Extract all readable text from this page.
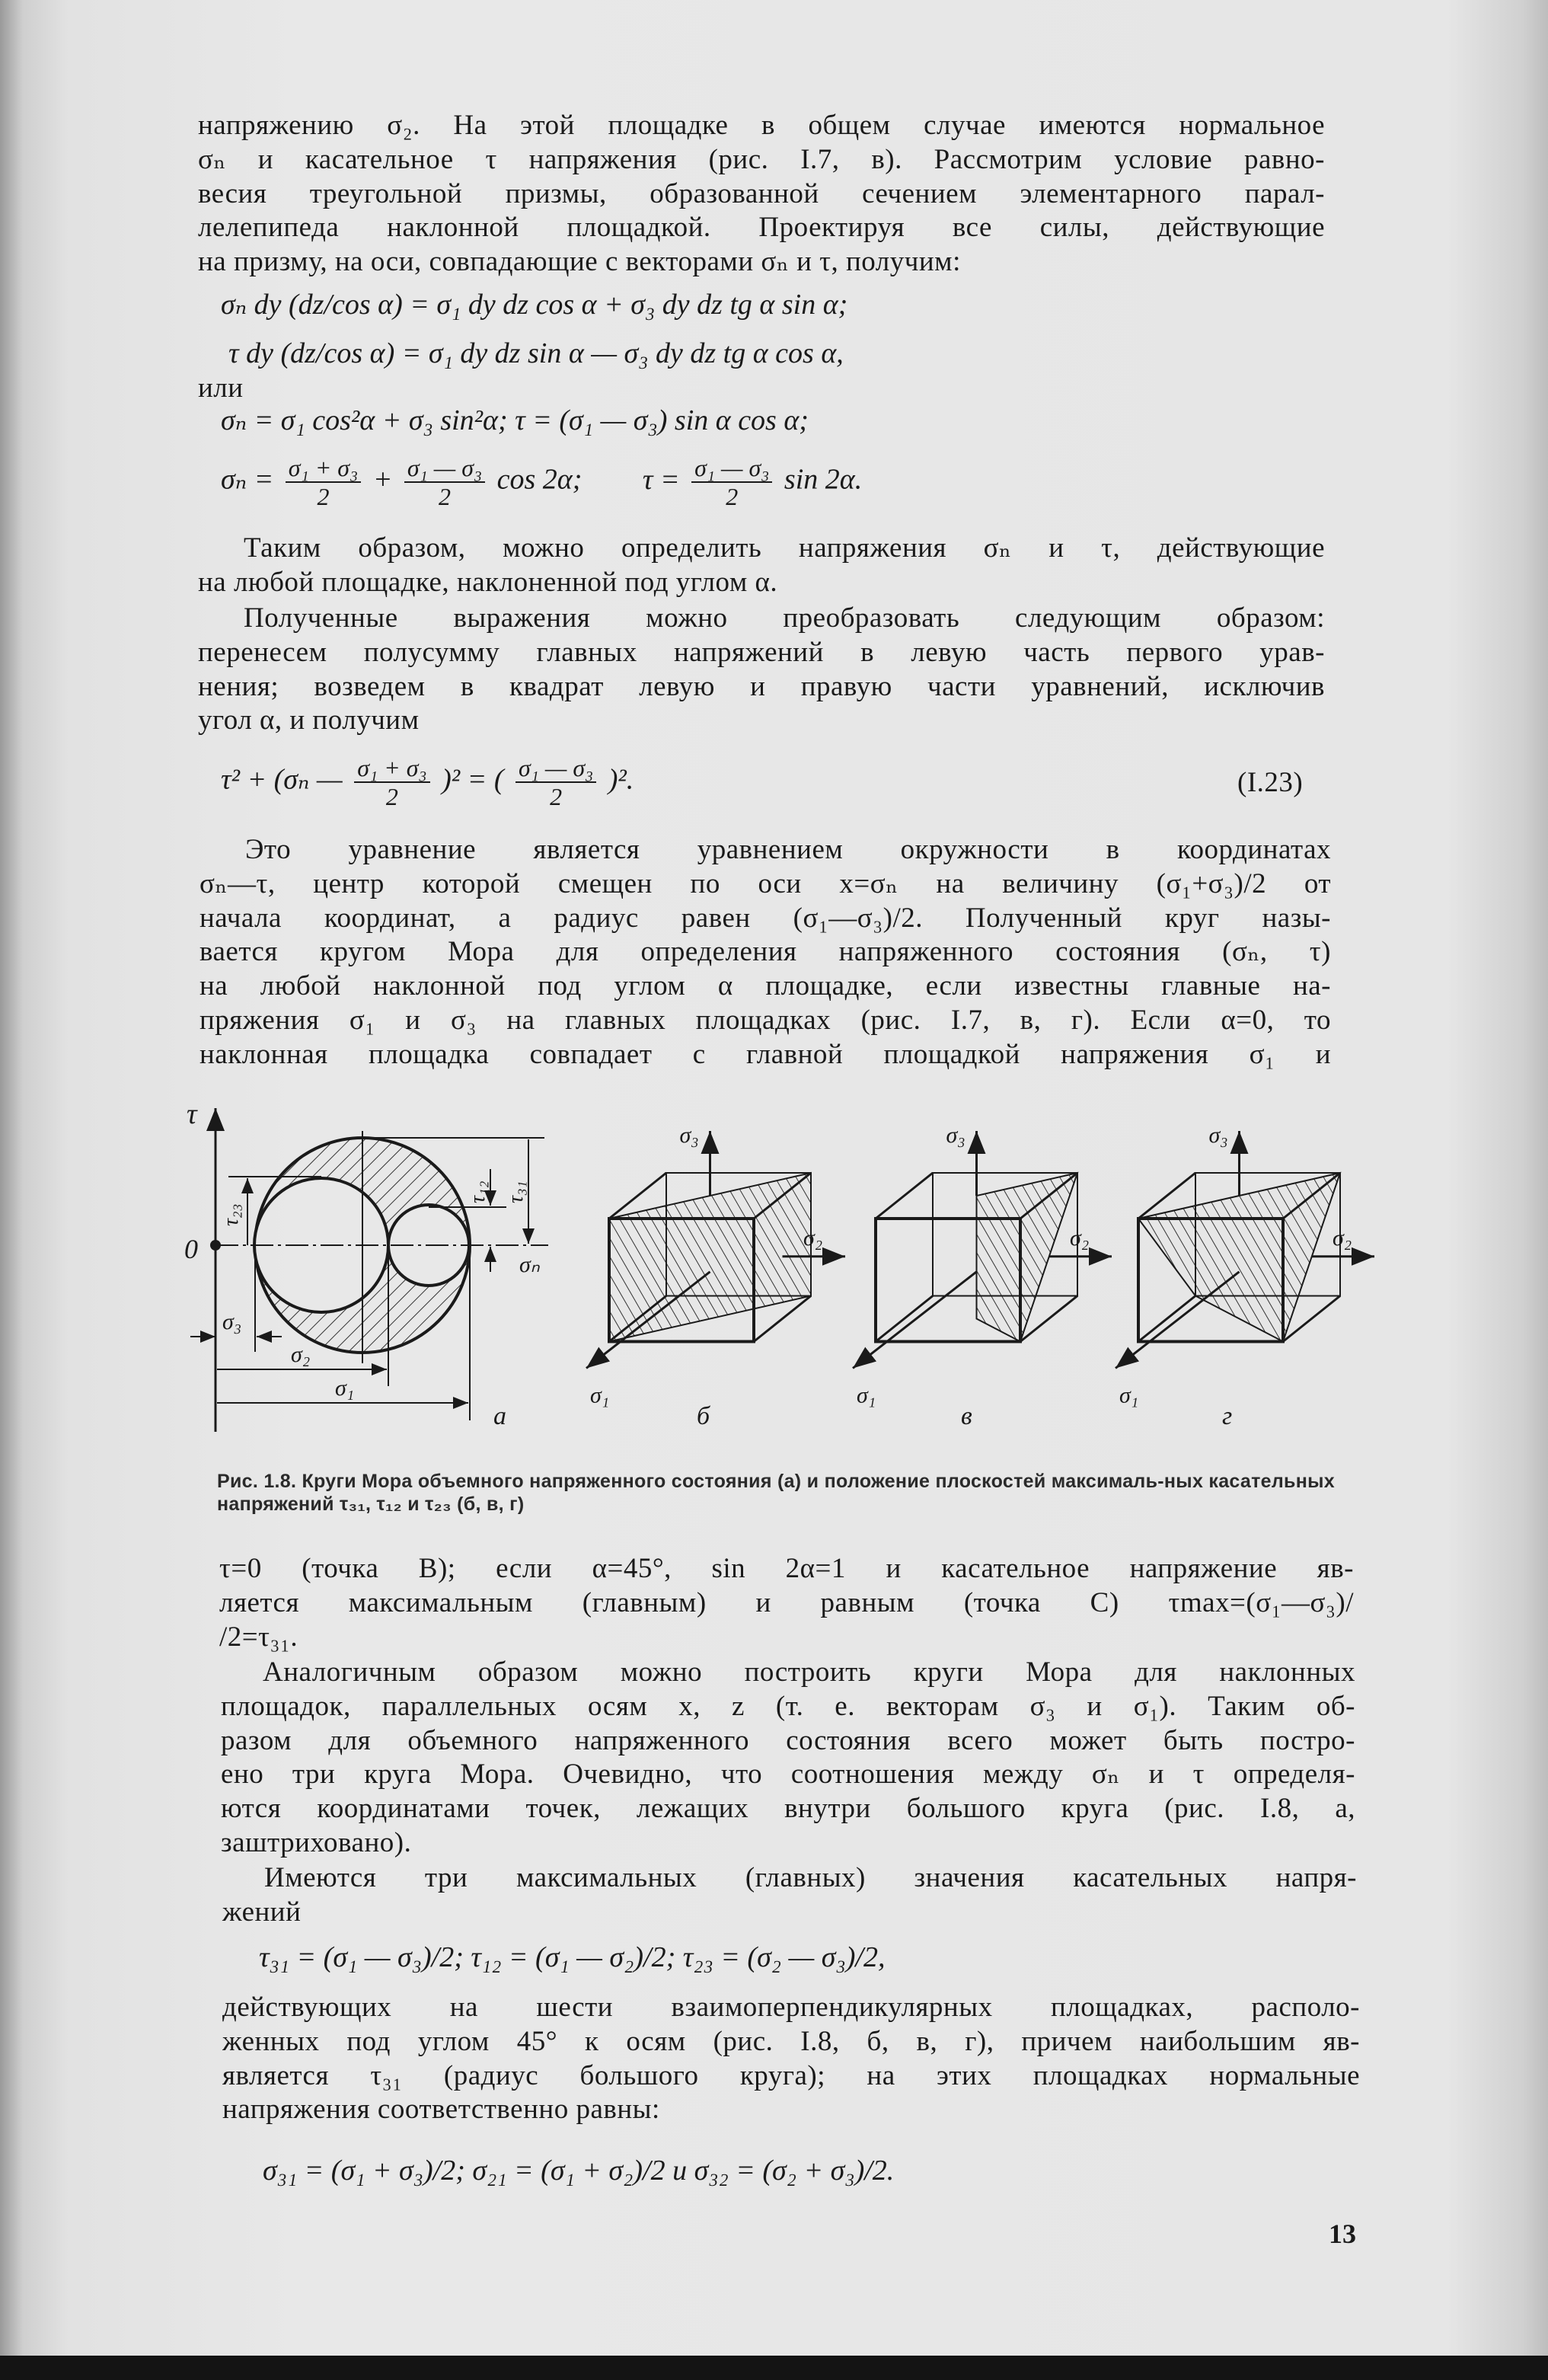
напряжению σ₂. На этой площадке в общем случае имеются нормальное
σₙ и касательное τ напряжения (рис. I.7, в). Рассмотрим условие равно-
весия треугольной призмы, образованной сечением элементарного парал-
лелепипеда наклонной площадкой. Проектируя все силы, действующие
на призму, на оси, совпадающие с векторами σₙ и τ, получим:
Таким образом, можно определить напряжения σₙ и τ, действующие
на любой площадке, наклоненной под углом α.
Полученные выражения можно преобразовать следующим образом:
перенесем полусумму главных напряжений в левую часть первого урав-
нения; возведем в квадрат левую и правую части уравнений, исключив
угол α, и получим
Это уравнение является уравнением окружности в координатах
σₙ—τ, центр которой смещен по оси x=σₙ на величину (σ₁+σ₃)/2 от
начала координат, а радиус равен (σ₁—σ₃)/2. Полученный круг назы-
вается кругом Мора для определения напряженного состояния (σₙ, τ)
на любой наклонной под углом α площадке, если известны главные на-
пряжения σ₁ и σ₃ на главных площадках (рис. I.7, в, г). Если α=0, то
наклонная площадка совпадает с главной площадкой напряжения σ₁ и
τ=0 (точка B); если α=45°, sin 2α=1 и касательное напряжение яв-
ляется максимальным (главным) и равным (точка C) τmax=(σ₁—σ₃)/
/2=τ₃₁.
Аналогичным образом можно построить круги Мора для наклонных
площадок, параллельных осям x, z (т. е. векторам σ₃ и σ₁). Таким об-
разом для объемного напряженного состояния всего может быть постро-
ено три круга Мора. Очевидно, что соотношения между σₙ и τ определя-
ются координатами точек, лежащих внутри большого круга (рис. I.8, а,
заштриховано).
Имеются три максимальных (главных) значения касательных напря-
жений
действующих на шести взаимоперпендикулярных площадках, располо-
женных под углом 45° к осям (рис. I.8, б, в, г), причем наибольшим яв-
является τ₃₁ (радиус большого круга); на этих площадках нормальные
напряжения соответственно равны:
σₙ dy (dz/cos α) = σ₁ dy dz cos α + σ₃ dy dz tg α sin α;
τ dy (dz/cos α) = σ₁ dy dz sin α — σ₃ dy dz tg α cos α,
или
σₙ = σ₁ cos²α + σ₃ sin²α; τ = (σ₁ — σ₃) sin α cos α;
$\sigma_n = \frac{\text{σ₁ + σ₃}}{2} + \frac{\text{σ₁ — σ₃}}{2}$ cos 2α; $\tau = \frac{\text{σ₁ — σ₃}}{2}$ sin 2α.
τ² + (σₙ — $\frac{\text{σ₁ + σ₃}}{2} )^2$ = ( $\frac{\text{σ₁ — σ₃}}{2} )^2$.	(I.23)
τ
0
σₙ
τ₂₃
τ₁₂ τ₃₁
σ₃
σ₂
σ₁
а
σ₃
σ₂
σ₁
σ₃
σ₂
σ₁
σ₃
σ₂
σ₁
б	в	г
Рис. 1.8. Круги Мора объемного напряженного состояния (а) и положение плоскостей максималь-ных касательных напряжений τ₃₁, τ₁₂ и τ₂₃ (б, в, г)
τ₃₁ = (σ₁ — σ₃)/2; τ₁₂ = (σ₁ — σ₂)/2; τ₂₃ = (σ₂ — σ₃)/2,
σ₃₁ = (σ₁ + σ₃)/2; σ₂₁ = (σ₁ + σ₂)/2 и σ₃₂ = (σ₂ + σ₃)/2.
13
